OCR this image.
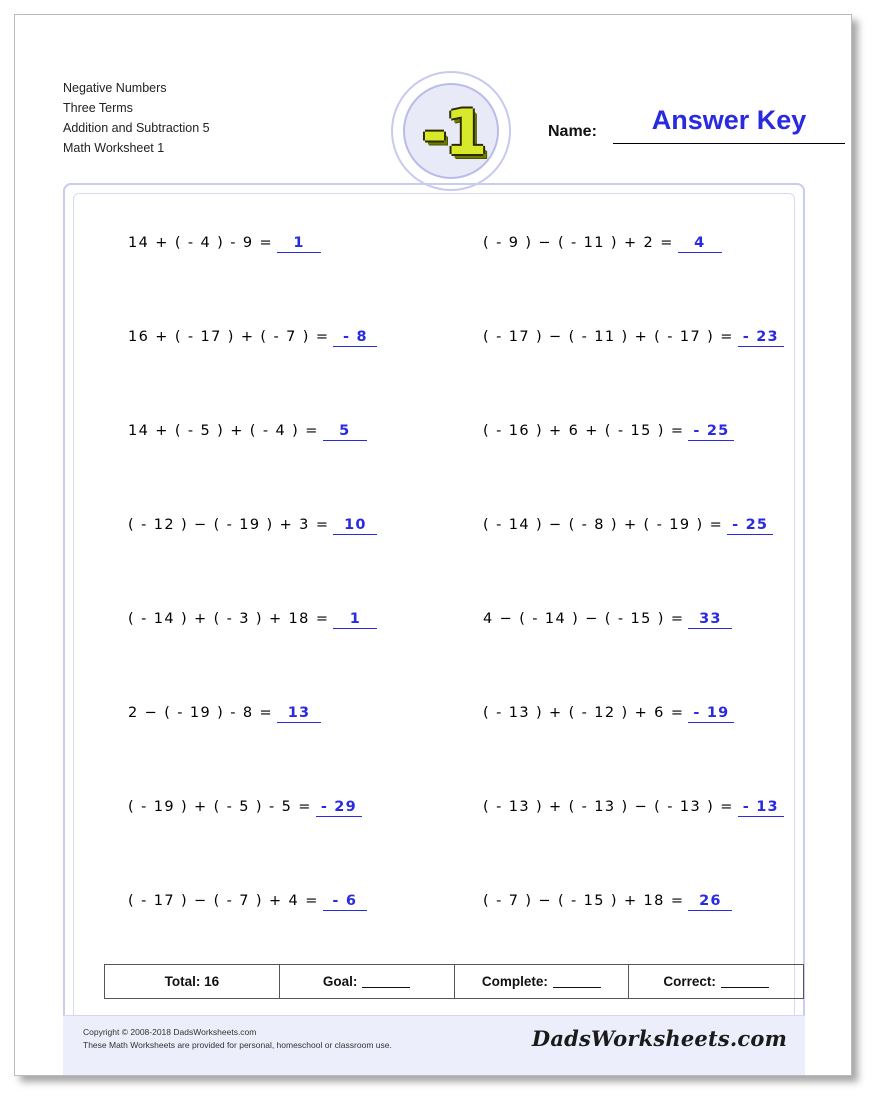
Negative Numbers
Three Terms
Addition and Subtraction 5
Math Worksheet 1	-1	Name:	Answer Key
14 + ( - 4 ) - 9 = 1
16 + ( - 17 ) + ( - 7 ) = - 8
14 + ( - 5 ) + ( - 4 ) = 5
( - 12 ) − ( - 19 ) + 3 = 10
( - 14 ) + ( - 3 ) + 18 = 1
2 − ( - 19 ) - 8 = 13
( - 19 ) + ( - 5 ) - 5 = - 29
( - 17 ) − ( - 7 ) + 4 = - 6
( - 9 ) − ( - 11 ) + 2 = 4
( - 17 ) − ( - 11 ) + ( - 17 ) = - 23
( - 16 ) + 6 + ( - 15 ) = - 25
( - 14 ) − ( - 8 ) + ( - 19 ) = - 25
4 − ( - 14 ) − ( - 15 ) = 33
( - 13 ) + ( - 12 ) + 6 = - 19
( - 13 ) + ( - 13 ) − ( - 13 ) = - 13
( - 7 ) − ( - 15 ) + 18 = 26
Total: 16	Goal:	Complete:	Correct:
Copyright © 2008-2018 DadsWorksheets.com
These Math Worksheets are provided for personal, homeschool or classroom use.	DadsWorksheets.com
